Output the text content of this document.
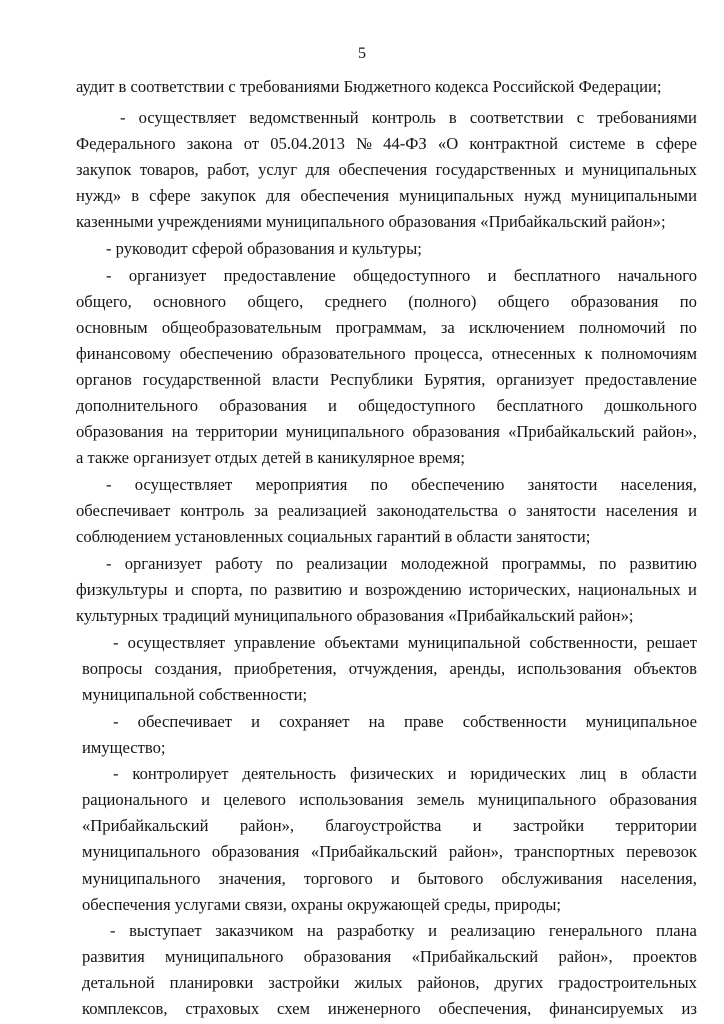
5
аудит в соответствии с требованиями Бюджетного кодекса Российской Федерации;
- осуществляет ведомственный контроль в соответствии с требованиями
Федерального закона от 05.04.2013 № 44-ФЗ «О контрактной системе в сфере
закупок товаров, работ, услуг для обеспечения государственных и муниципальных
нужд» в сфере закупок для обеспечения муниципальных нужд муниципальными
казенными учреждениями муниципального образования «Прибайкальский район»;
- руководит сферой образования и культуры;
- организует предоставление общедоступного и бесплатного начального
общего, основного общего, среднего (полного) общего образования по
основным общеобразовательным программам, за исключением полномочий по
финансовому обеспечению образовательного процесса, отнесенных к полномочиям
органов государственной власти Республики Бурятия, организует предоставление
дополнительного образования и общедоступного бесплатного дошкольного
образования на территории муниципального образования «Прибайкальский район»,
а также организует отдых детей в каникулярное время;
- осуществляет мероприятия по обеспечению занятости населения,
обеспечивает контроль за реализацией законодательства о занятости населения и
соблюдением установленных социальных гарантий в области занятости;
- организует работу по реализации молодежной программы, по развитию
физкультуры и спорта, по развитию и возрождению исторических, национальных и
культурных традиций муниципального образования «Прибайкальский район»;
- осуществляет управление объектами муниципальной собственности, решает
вопросы создания, приобретения, отчуждения, аренды, использования объектов
муниципальной собственности;
- обеспечивает и сохраняет на праве собственности муниципальное
имущество;
- контролирует деятельность физических и юридических лиц в области
рационального и целевого использования земель муниципального образования
«Прибайкальский район», благоустройства и застройки территории
муниципального образования «Прибайкальский район», транспортных перевозок
муниципального значения, торгового и бытового обслуживания населения,
обеспечения услугами связи, охраны окружающей среды, природы;
- выступает заказчиком на разработку и реализацию генерального плана
развития муниципального образования «Прибайкальский район», проектов
детальной планировки застройки жилых районов, других градостроительных
комплексов, страховых схем инженерного обеспечения, финансируемых из
